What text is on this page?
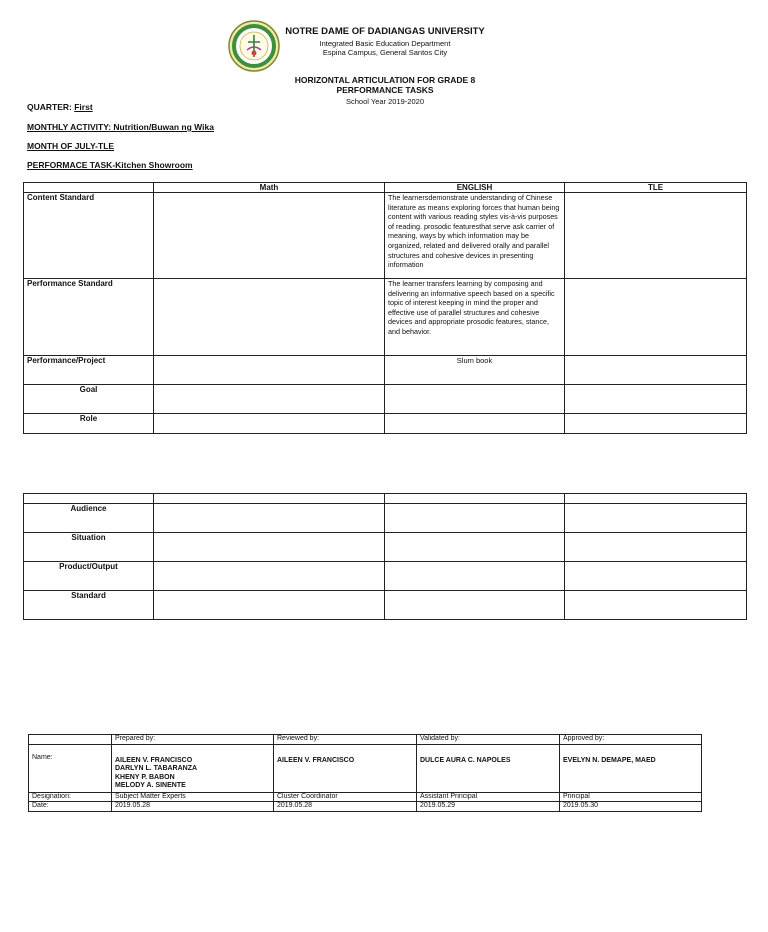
NOTRE DAME OF DADIANGAS UNIVERSITY
Integrated Basic Education Department
Espina Campus, General Santos City
HORIZONTAL ARTICULATION FOR GRADE 8
PERFORMANCE TASKS
School Year 2019-2020
QUARTER: First
MONTHLY ACTIVITY: Nutrition/Buwan ng Wika
MONTH OF JULY-TLE
PERFORMACE TASK-Kitchen Showroom
	Math	ENGLISH	TLE
Content Standard		The learnersdemonstrate understanding of Chinese literature as means exploring forces that human being content with various reading styles vis-à-vis purposes of reading. prosodic featuresthat serve ask carrier of meaning, ways by which information may be organized, related and delivered orally and parallel structures and cohesive devices in presenting information	
Performance Standard		The learner transfers learning by composing and delivering an informative speech based on a specific topic of interest keeping in mind the proper and effective use of parallel structures and cohesive devices and appropriate prosodic features, stance, and behavior.	
Performance/Project		Slum book	
Goal			
Role			

Audience			
Situation			
Product/Output			
Standard			
	Prepared by:	Reviewed by:	Validated by:	Approved by:
Name:	AILEEN V. FRANCISCO
DARLYN L. TABARANZA
KHENY P. BABON
MELODY A. SINENTE	AILEEN V. FRANCISCO	DULCE AURA C. NAPOLES	EVELYN N. DEMAPE, MAED
Designation:	Subject Matter Experts	Cluster Coordinator	Assistant Principal	Principal
Date:	2019.05.28	2019.05.28	2019.05.29	2019.05.30
